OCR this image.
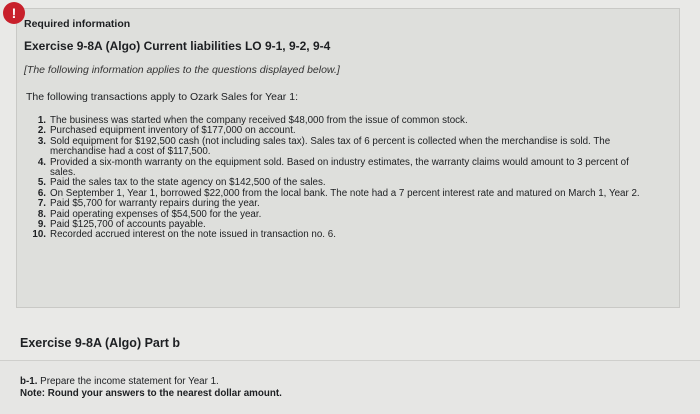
!
Required information
Exercise 9-8A (Algo) Current liabilities LO 9-1, 9-2, 9-4
[The following information applies to the questions displayed below.]
The following transactions apply to Ozark Sales for Year 1:
1. The business was started when the company received $48,000 from the issue of common stock.
2. Purchased equipment inventory of $177,000 on account.
3. Sold equipment for $192,500 cash (not including sales tax). Sales tax of 6 percent is collected when the merchandise is sold. The merchandise had a cost of $117,500.
4. Provided a six-month warranty on the equipment sold. Based on industry estimates, the warranty claims would amount to 3 percent of sales.
5. Paid the sales tax to the state agency on $142,500 of the sales.
6. On September 1, Year 1, borrowed $22,000 from the local bank. The note had a 7 percent interest rate and matured on March 1, Year 2.
7. Paid $5,700 for warranty repairs during the year.
8. Paid operating expenses of $54,500 for the year.
9. Paid $125,700 of accounts payable.
10. Recorded accrued interest on the note issued in transaction no. 6.
Exercise 9-8A (Algo) Part b
b-1. Prepare the income statement for Year 1.
Note: Round your answers to the nearest dollar amount.
